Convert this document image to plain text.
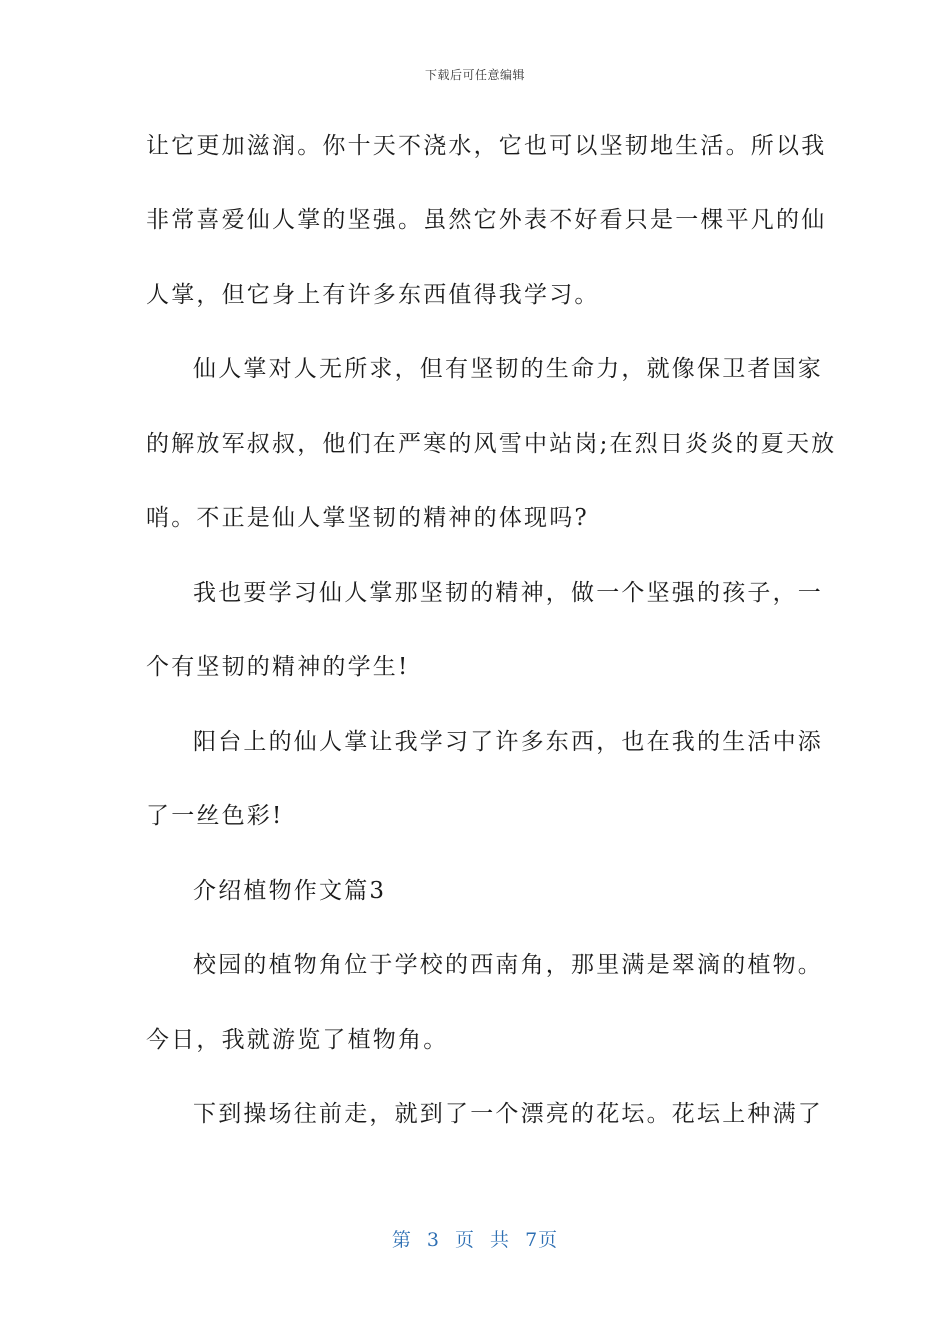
下载后可任意编辑
让它更加滋润。你十天不浇水，它也可以坚韧地生活。所以我
非常喜爱仙人掌的坚强。虽然它外表不好看只是一棵平凡的仙
人掌，但它身上有许多东西值得我学习。
仙人掌对人无所求，但有坚韧的生命力，就像保卫者国家
的解放军叔叔，他们在严寒的风雪中站岗;在烈日炎炎的夏天放
哨。不正是仙人掌坚韧的精神的体现吗?
我也要学习仙人掌那坚韧的精神，做一个坚强的孩子，一
个有坚韧的精神的学生!
阳台上的仙人掌让我学习了许多东西，也在我的生活中添
了一丝色彩!
介绍植物作文篇3
校园的植物角位于学校的西南角，那里满是翠滴的植物。
今日，我就游览了植物角。
下到操场往前走，就到了一个漂亮的花坛。花坛上种满了
第 3 页 共 7页
